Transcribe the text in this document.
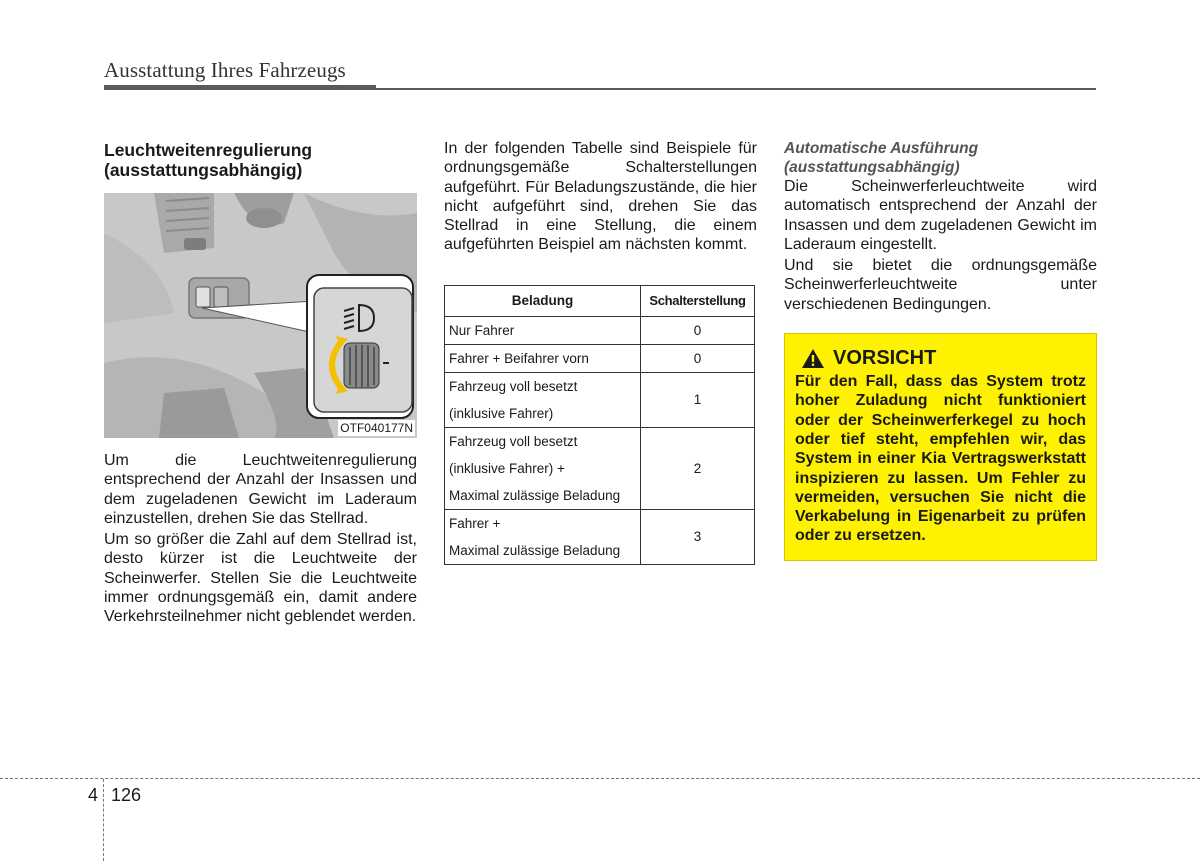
Ausstattung Ihres Fahrzeugs
Leuchtweitenregulierung
(ausstattungsabhängig)
OTF040177N

Um die Leuchtweitenregulierung entsprechend der Anzahl der Insassen und dem zugeladenen Gewicht im Laderaum einzustellen, drehen Sie das Stellrad.

Um so größer die Zahl auf dem Stellrad ist, desto kürzer ist die Leuchtweite der Scheinwerfer. Stellen Sie die Leuchtweite immer ordnungsgemäß ein, damit andere Verkehrsteilnehmer nicht geblendet werden.

In der folgenden Tabelle sind Beispiele für ordnungsgemäße Schalterstellungen aufgeführt. Für Beladungszustände, die hier nicht aufgeführt sind, drehen Sie das Stellrad in eine Stellung, die einem aufgeführten Beispiel am nächsten kommt.

Beladung	Schalterstellung

Nur Fahrer	0

Fahrer + Beifahrer vorn	0

Fahrzeug voll besetzt
(inklusive Fahrer)	1

Fahrzeug voll besetzt
(inklusive Fahrer) +
Maximal zulässige Beladung	2

Fahrer +
Maximal zulässige Beladung	3
Automatische Ausführung
(ausstattungsabhängig)

Die Scheinwerferleuchtweite wird automatisch entsprechend der Anzahl der Insassen und dem zugeladenen Gewicht im Laderaum eingestellt.

Und sie bietet die ordnungsgemäße Scheinwerferleuchtweite unter verschiedenen Bedingungen.

VORSICHT
Für den Fall, dass das System trotz hoher Zuladung nicht funktioniert oder der Scheinwerferkegel zu hoch oder tief steht, empfehlen wir, das System in einer Kia Vertragswerkstatt inspizieren zu lassen. Um Fehler zu vermeiden, versuchen Sie nicht die Verkabelung in Eigenarbeit zu prüfen oder zu ersetzen.
4 126
